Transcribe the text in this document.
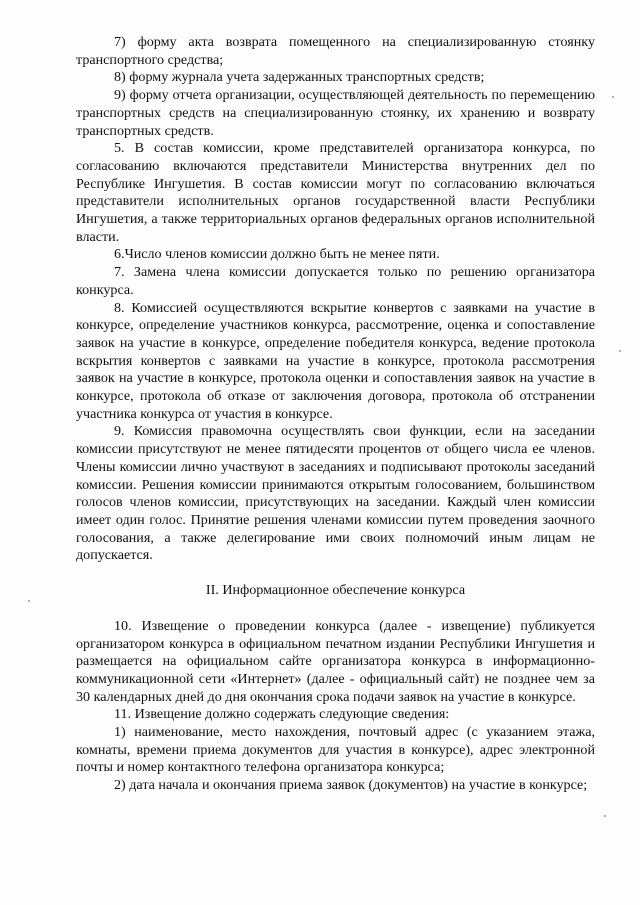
7) форму акта возврата помещенного на специализированную стоянку транспортного средства;

8) форму журнала учета задержанных транспортных средств;

9) форму отчета организации, осуществляющей деятельность по перемещению транспортных средств на специализированную стоянку, их хранению и возврату транспортных средств.

5. В состав комиссии, кроме представителей организатора конкурса, по согласованию включаются представители Министерства внутренних дел по Республике Ингушетия. В состав комиссии могут по согласованию включаться представители исполнительных органов государственной власти Республики Ингушетия, а также территориальных органов федеральных органов исполнительной власти.

6.Число членов комиссии должно быть не менее пяти.

7. Замена члена комиссии допускается только по решению организатора конкурса.

8. Комиссией осуществляются вскрытие конвертов с заявками на участие в конкурсе, определение участников конкурса, рассмотрение, оценка и сопоставление заявок на участие в конкурсе, определение победителя конкурса, ведение протокола вскрытия конвертов с заявками на участие в конкурсе, протокола рассмотрения заявок на участие в конкурсе, протокола оценки и сопоставления заявок на участие в конкурсе, протокола об отказе от заключения договора, протокола об отстранении участника конкурса от участия в конкурсе.

9. Комиссия правомочна осуществлять свои функции, если на заседании комиссии присутствуют не менее пятидесяти процентов от общего числа ее членов. Члены комиссии лично участвуют в заседаниях и подписывают протоколы заседаний комиссии. Решения комиссии принимаются открытым голосованием, большинством голосов членов комиссии, присутствующих на заседании. Каждый член комиссии имеет один голос. Принятие решения членами комиссии путем проведения заочного голосования, а также делегирование ими своих полномочий иным лицам не допускается.

II. Информационное обеспечение конкурса

10. Извещение о проведении конкурса (далее - извещение) публикуется организатором конкурса в официальном печатном издании Республики Ингушетия и размещается на официальном сайте организатора конкурса в информационно-коммуникационной сети «Интернет» (далее - официальный сайт) не позднее чем за 30 календарных дней до дня окончания срока подачи заявок на участие в конкурсе.

11. Извещение должно содержать следующие сведения:

1) наименование, место нахождения, почтовый адрес (с указанием этажа, комнаты, времени приема документов для участия в конкурсе), адрес электронной почты и номер контактного телефона организатора конкурса;

2) дата начала и окончания приема заявок (документов) на участие в конкурсе;
